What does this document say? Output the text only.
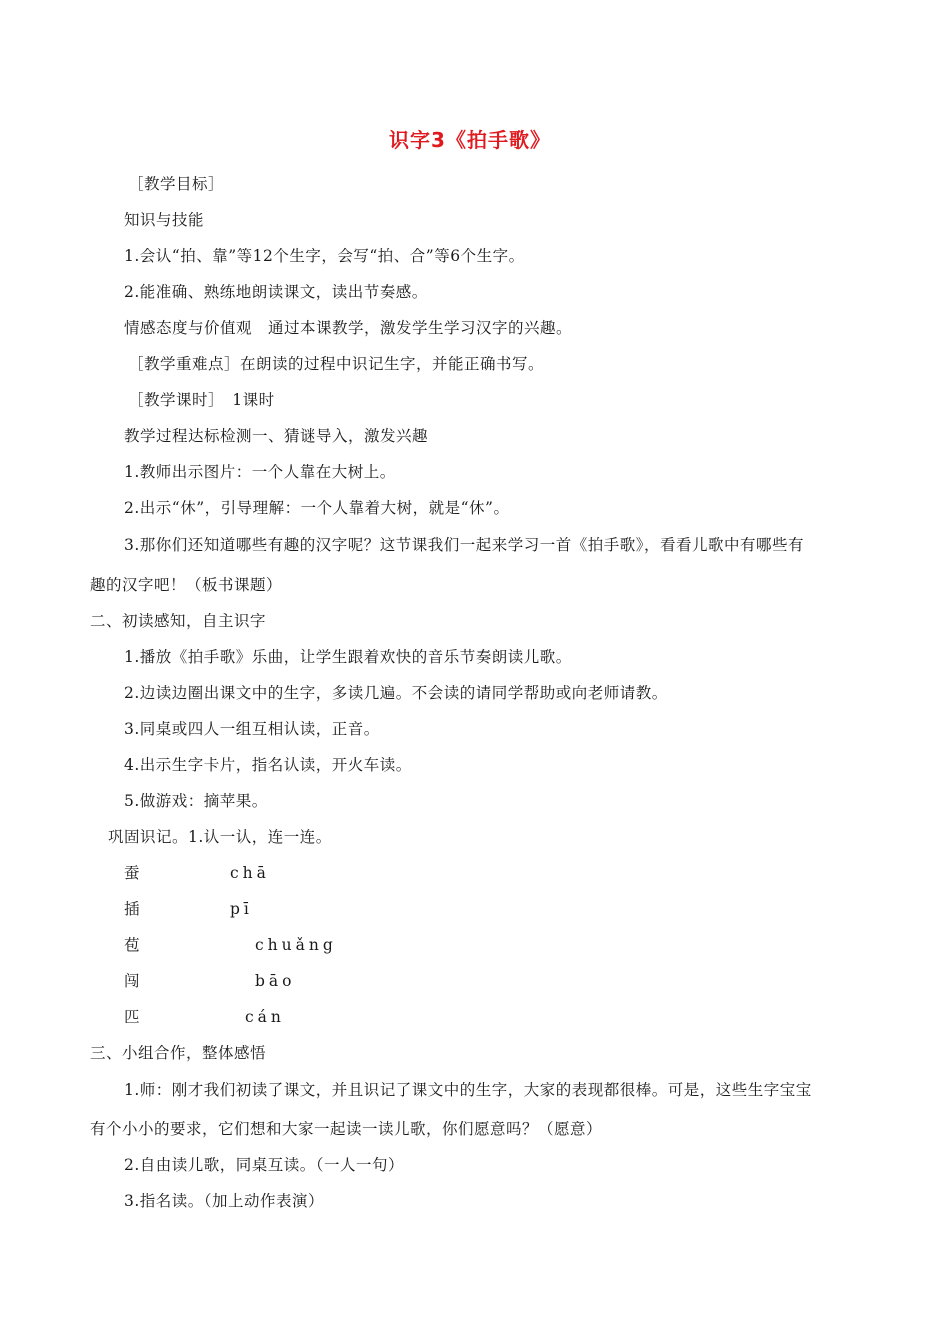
识字3《拍手歌》
［教学目标］
知识与技能
1.会认“拍、靠”等12个生字，会写“拍、合”等6个生字。
2.能准确、熟练地朗读课文，读出节奏感。
情感态度与价值观　通过本课教学，激发学生学习汉字的兴趣。
［教学重难点］在朗读的过程中识记生字，并能正确书写。
［教学课时］　1课时
教学过程达标检测一、猜谜导入，激发兴趣
1.教师出示图片：一个人靠在大树上。
2.出示“休”，引导理解：一个人靠着大树，就是“休”。
3.那你们还知道哪些有趣的汉字呢？这节课我们一起来学习一首《拍手歌》，看看儿歌中有哪些有
趣的汉字吧！（板书课题）
二、初读感知，自主识字
1.播放《拍手歌》乐曲，让学生跟着欢快的音乐节奏朗读儿歌。
2.边读边圈出课文中的生字，多读几遍。不会读的请同学帮助或向老师请教。
3.同桌或四人一组互相认读，正音。
4.出示生字卡片，指名认读，开火车读。
5.做游戏：摘苹果。
巩固识记。1.认一认，连一连。
蚕	chā
插	pī
苞	chuǎng
闯	bāo
匹	cán
三、小组合作，整体感悟
1.师：刚才我们初读了课文，并且识记了课文中的生字，大家的表现都很棒。可是，这些生字宝宝
有个小小的要求，它们想和大家一起读一读儿歌，你们愿意吗？（愿意）
2.自由读儿歌，同桌互读。（一人一句）
3.指名读。（加上动作表演）
